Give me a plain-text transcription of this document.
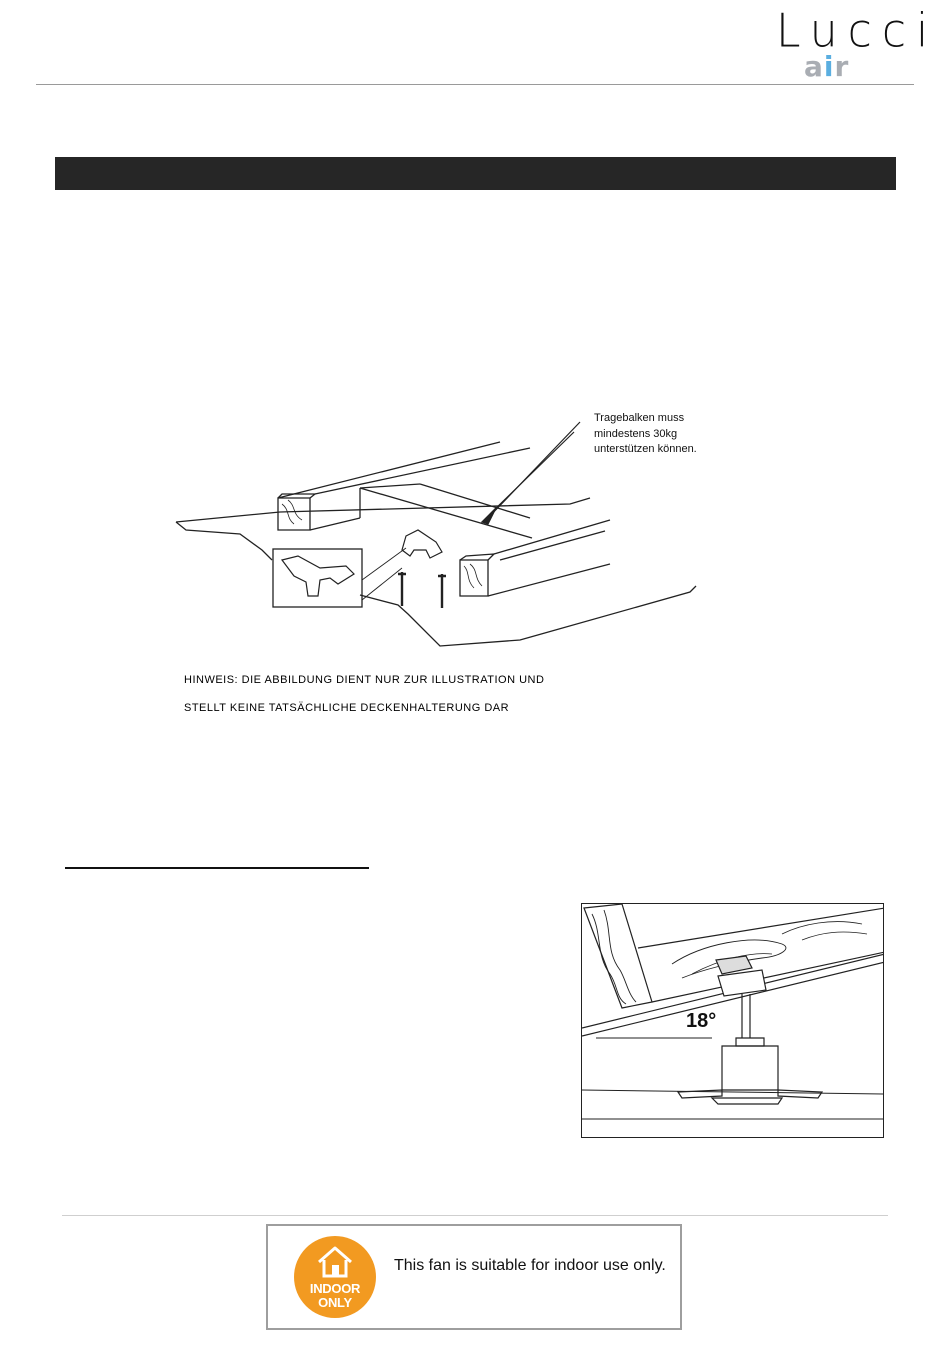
Lucci
air
Tragebalken muss
mindestens 30kg
unterstützen können.
HINWEIS: DIE ABBILDUNG DIENT NUR ZUR ILLUSTRATION UND
STELLT KEINE TATSÄCHLICHE DECKENHALTERUNG DAR
18°
INDOOR
ONLY
This fan is suitable for indoor use only.
